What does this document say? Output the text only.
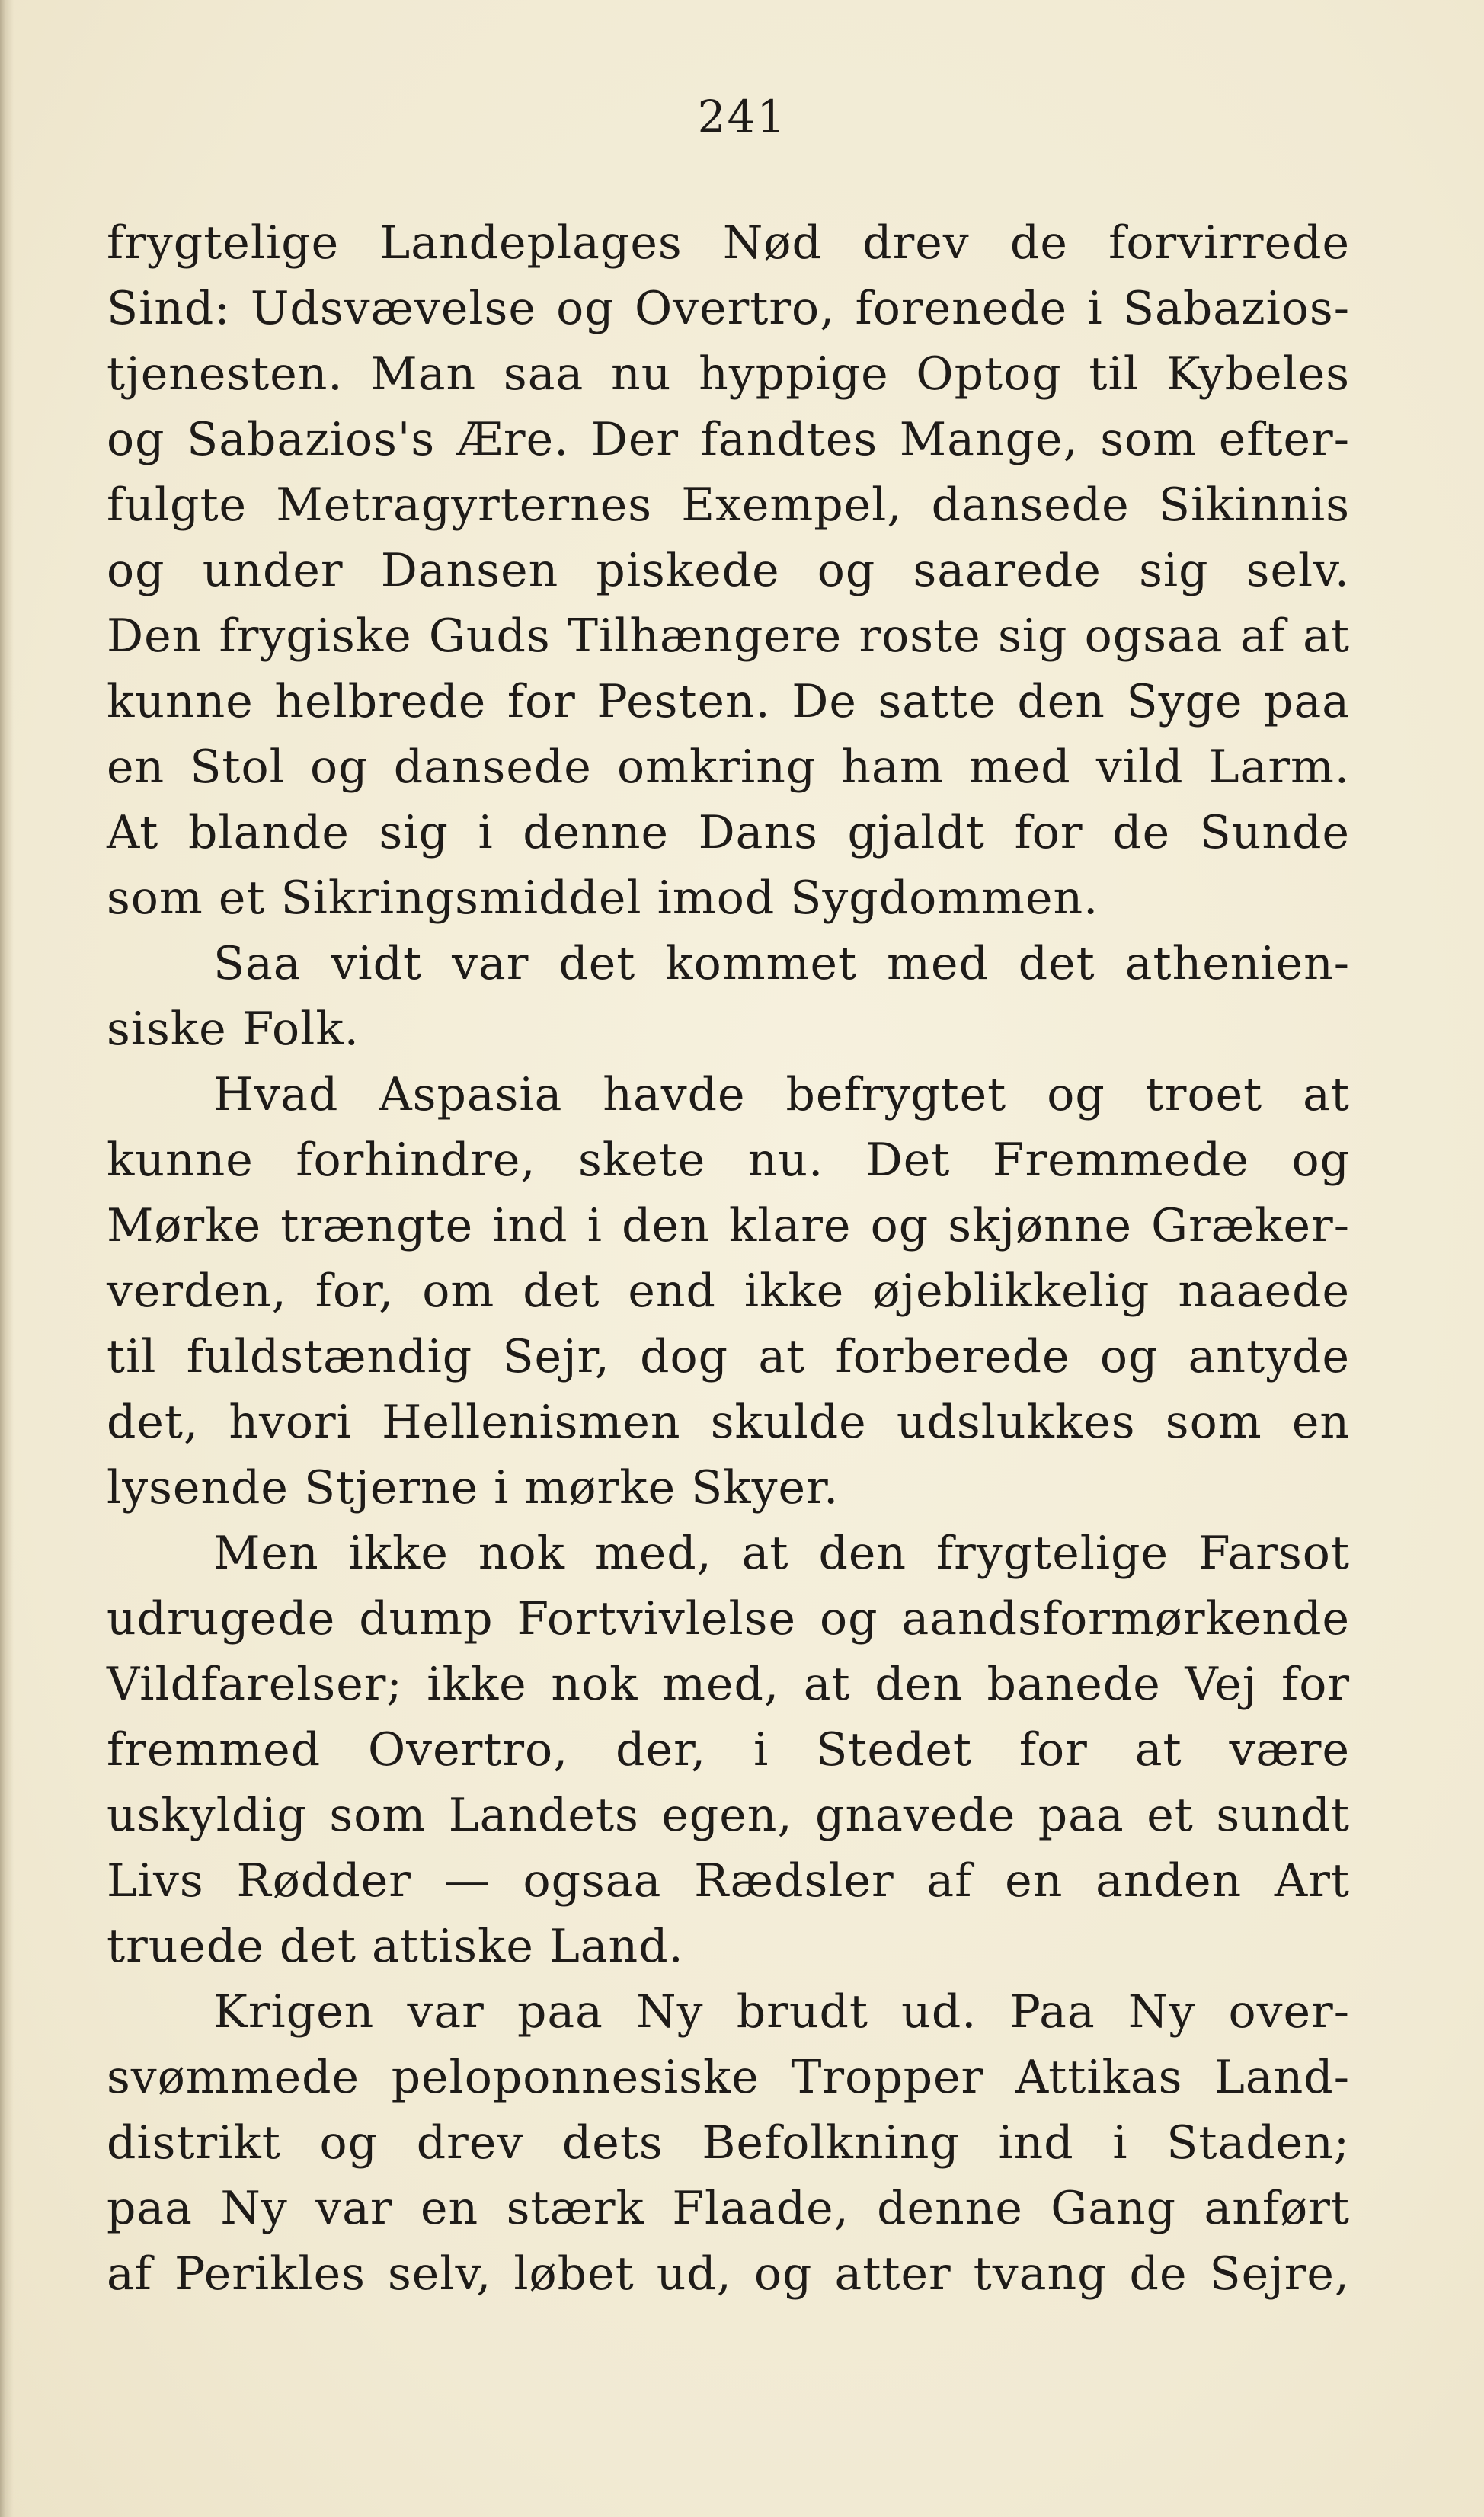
241
frygtelige Landeplages Nød drev de forvirrede
Sind: Udsvævelse og Overtro, forenede i Sabazios-
tjenesten. Man saa nu hyppige Optog til Kybeles
og Sabazios's Ære. Der fandtes Mange, som efter-
fulgte Metragyrternes Exempel, dansede Sikinnis
og under Dansen piskede og saarede sig selv.
Den frygiske Guds Tilhængere roste sig ogsaa af at
kunne helbrede for Pesten. De satte den Syge paa
en Stol og dansede omkring ham med vild Larm.
At blande sig i denne Dans gjaldt for de Sunde
som et Sikringsmiddel imod Sygdommen.
Saa vidt var det kommet med det athenien-
siske Folk.
Hvad Aspasia havde befrygtet og troet at
kunne forhindre, skete nu. Det Fremmede og
Mørke trængte ind i den klare og skjønne Græker-
verden, for, om det end ikke øjeblikkelig naaede
til fuldstændig Sejr, dog at forberede og antyde
det, hvori Hellenismen skulde udslukkes som en
lysende Stjerne i mørke Skyer.
Men ikke nok med, at den frygtelige Farsot
udrugede dump Fortvivlelse og aandsformørkende
Vildfarelser; ikke nok med, at den banede Vej for
fremmed Overtro, der, i Stedet for at være
uskyldig som Landets egen, gnavede paa et sundt
Livs Rødder — ogsaa Rædsler af en anden Art
truede det attiske Land.
Krigen var paa Ny brudt ud. Paa Ny over-
svømmede peloponnesiske Tropper Attikas Land-
distrikt og drev dets Befolkning ind i Staden;
paa Ny var en stærk Flaade, denne Gang anført
af Perikles selv, løbet ud, og atter tvang de Sejre,
